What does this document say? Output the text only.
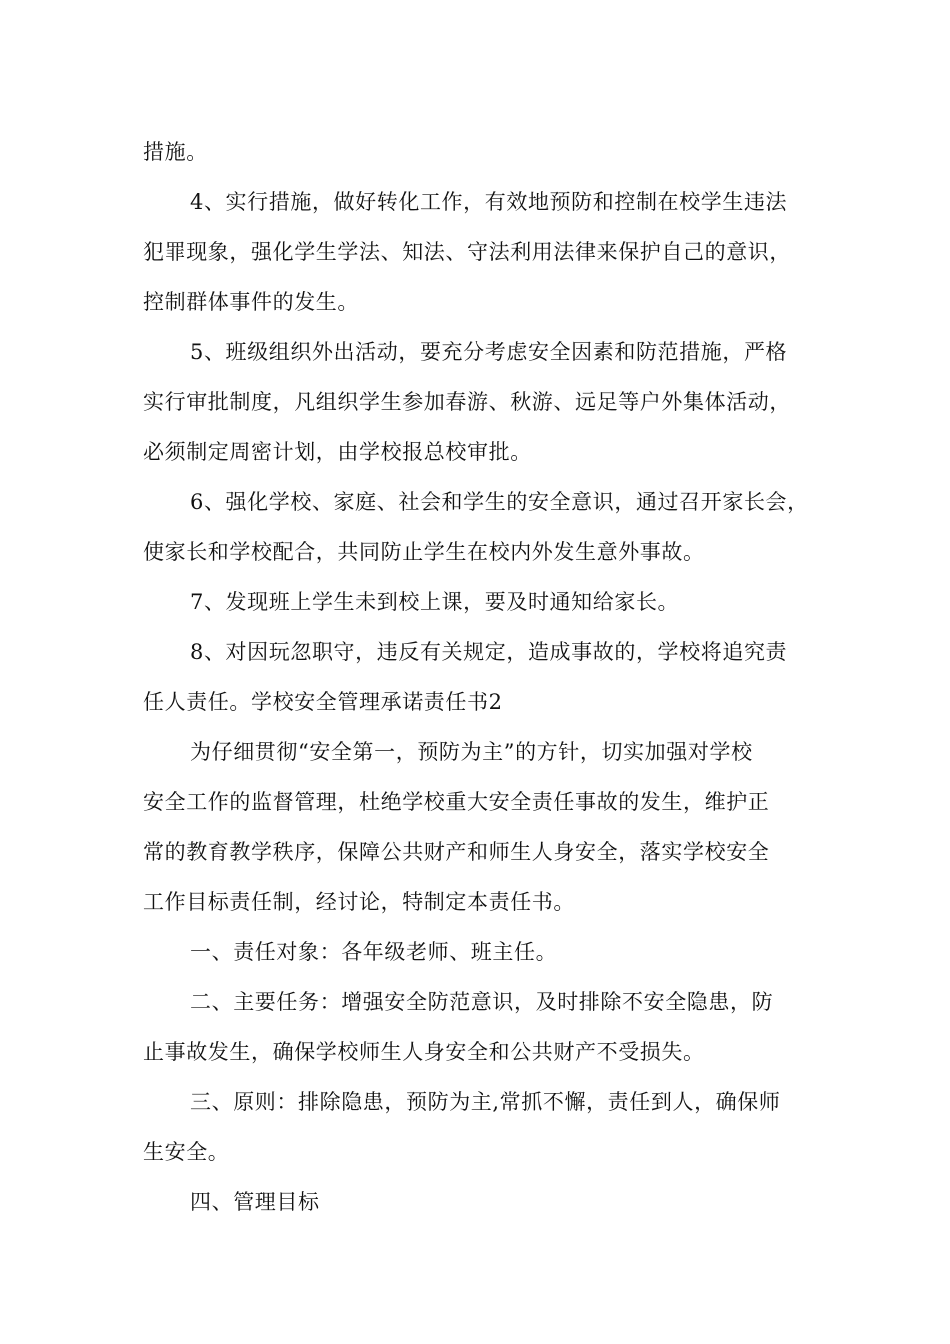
措施。
4、实行措施，做好转化工作，有效地预防和控制在校学生违法
犯罪现象，强化学生学法、知法、守法利用法律来保护自己的意识，
控制群体事件的发生。
5、班级组织外出活动，要充分考虑安全因素和防范措施，严格
实行审批制度，凡组织学生参加春游、秋游、远足等户外集体活动，
必须制定周密计划，由学校报总校审批。
6、强化学校、家庭、社会和学生的安全意识，通过召开家长会，
使家长和学校配合，共同防止学生在校内外发生意外事故。
7、发现班上学生未到校上课，要及时通知给家长。
8、对因玩忽职守，违反有关规定，造成事故的，学校将追究责
任人责任。学校安全管理承诺责任书2
为仔细贯彻“安全第一，预防为主”的方针，切实加强对学校
安全工作的监督管理，杜绝学校重大安全责任事故的发生，维护正
常的教育教学秩序，保障公共财产和师生人身安全，落实学校安全
工作目标责任制，经讨论，特制定本责任书。
一、责任对象：各年级老师、班主任。
二、主要任务：增强安全防范意识，及时排除不安全隐患，防
止事故发生，确保学校师生人身安全和公共财产不受损失。
三、原则：排除隐患，预防为主,常抓不懈，责任到人，确保师
生安全。
四、管理目标
